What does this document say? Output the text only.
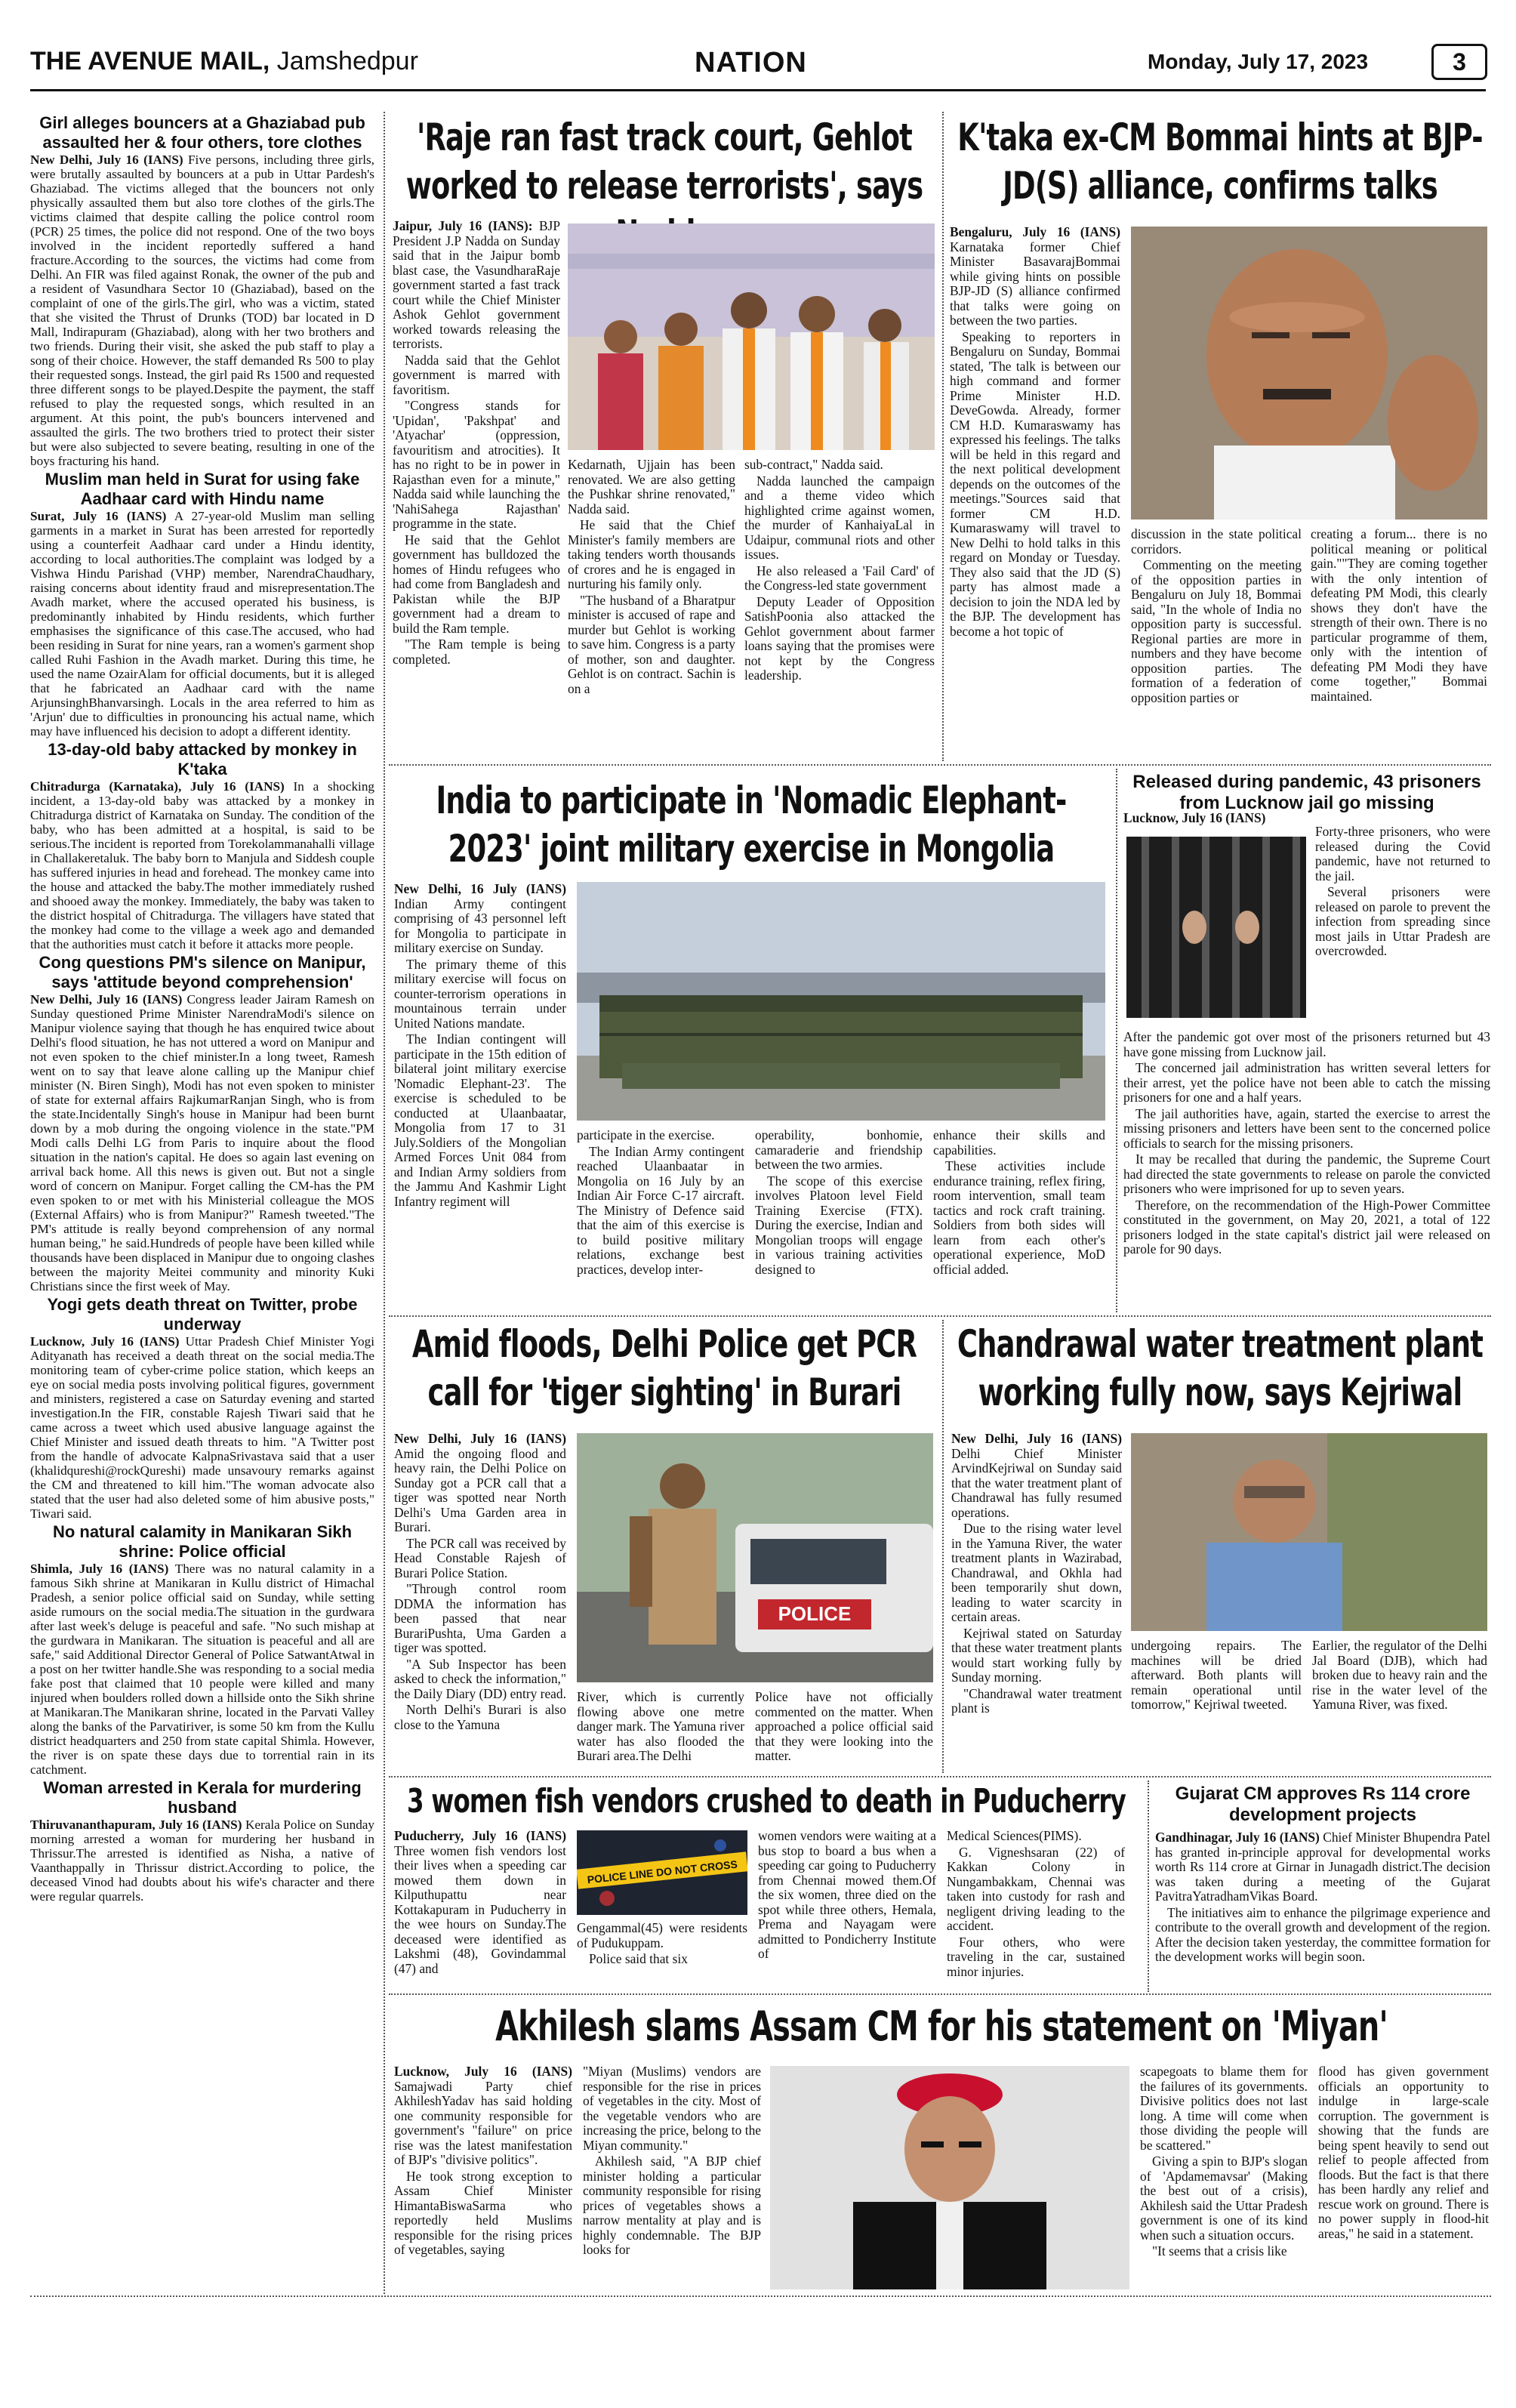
THE AVENUE MAIL, Jamshedpur	NATION	Monday, July 17, 2023	3
Girl alleges bouncers at a Ghaziabad pub assaulted her & four others, tore clothes

New Delhi, July 16 (IANS) Five persons, including three girls, were brutally assaulted by bouncers at a pub in Uttar Pardesh's Ghaziabad. The victims alleged that the bouncers not only physically assaulted them but also tore clothes of the girls.The victims claimed that despite calling the police control room (PCR) 25 times, the police did not respond. One of the two boys involved in the incident reportedly suffered a hand fracture.According to the sources, the victims had come from Delhi. An FIR was filed against Ronak, the owner of the pub and a resident of Vasundhara Sector 10 (Ghaziabad), based on the complaint of one of the girls.The girl, who was a victim, stated that she visited the Thrust of Drunks (TOD) bar located in D Mall, Indirapuram (Ghaziabad), along with her two brothers and two friends. During their visit, she asked the pub staff to play a song of their choice. However, the staff demanded Rs 500 to play their requested songs. Instead, the girl paid Rs 1500 and requested three different songs to be played.Despite the payment, the staff refused to play the requested songs, which resulted in an argument. At this point, the pub's bouncers intervened and assaulted the girls. The two brothers tried to protect their sister but were also subjected to severe beating, resulting in one of the boys fracturing his hand.

Muslim man held in Surat for using fake Aadhaar card with Hindu name

Surat, July 16 (IANS) A 27-year-old Muslim man selling garments in a market in Surat has been arrested for reportedly using a counterfeit Aadhaar card under a Hindu identity, according to local authorities.The complaint was lodged by a Vishwa Hindu Parishad (VHP) member, NarendraChaudhary, raising concerns about identity fraud and misrepresentation.The Avadh market, where the accused operated his business, is predominantly inhabited by Hindu residents, which further emphasises the significance of this case.The accused, who had been residing in Surat for nine years, ran a women's garment shop called Ruhi Fashion in the Avadh market. During this time, he used the name OzairAlam for official documents, but it is alleged that he fabricated an Aadhaar card with the name ArjunsinghBhanvarsingh. Locals in the area referred to him as 'Arjun' due to difficulties in pronouncing his actual name, which may have influenced his decision to adopt a different identity.

13-day-old baby attacked by monkey in K'taka

Chitradurga (Karnataka), July 16 (IANS) In a shocking incident, a 13-day-old baby was attacked by a monkey in Chitradurga district of Karnataka on Sunday. The condition of the baby, who has been admitted at a hospital, is said to be serious.The incident is reported from Torekolammanahalli village in Challakeretaluk. The baby born to Manjula and Siddesh couple has suffered injuries in head and forehead. The monkey came into the house and attacked the baby.The mother immediately rushed and shooed away the monkey. Immediately, the baby was taken to the district hospital of Chitradurga. The villagers have stated that the monkey had come to the village a week ago and demanded that the authorities must catch it before it attacks more people.

Cong questions PM's silence on Manipur, says 'attitude beyond comprehension'

New Delhi, July 16 (IANS) Congress leader Jairam Ramesh on Sunday questioned Prime Minister NarendraModi's silence on Manipur violence saying that though he has enquired twice about Delhi's flood situation, he has not uttered a word on Manipur and not even spoken to the chief minister.In a long tweet, Ramesh went on to say that leave alone calling up the Manipur chief minister (N. Biren Singh), Modi has not even spoken to minister of state for external affairs RajkumarRanjan Singh, who is from the state.Incidentally Singh's house in Manipur had been burnt down by a mob during the ongoing violence in the state."PM Modi calls Delhi LG from Paris to inquire about the flood situation in the nation's capital. He does so again last evening on arrival back home. All this news is given out. But not a single word of concern on Manipur. Forget calling the CM-has the PM even spoken to or met with his Ministerial colleague the MOS (External Affairs) who is from Manipur?" Ramesh tweeted."The PM's attitude is really beyond comprehension of any normal human being," he said.Hundreds of people have been killed while thousands have been displaced in Manipur due to ongoing clashes between the majority Meitei community and minority Kuki Christians since the first week of May.

Yogi gets death threat on Twitter, probe underway

Lucknow, July 16 (IANS) Uttar Pradesh Chief Minister Yogi Adityanath has received a death threat on the social media.The monitoring team of cyber-crime police station, which keeps an eye on social media posts involving political figures, government and ministers, registered a case on Saturday evening and started investigation.In the FIR, constable Rajesh Tiwari said that he came across a tweet which used abusive language against the Chief Minister and issued death threats to him. "A Twitter post from the handle of advocate KalpnaSrivastava said that a user (khalidqureshi@rockQureshi) made unsavoury remarks against the CM and threatened to kill him."The woman advocate also stated that the user had also deleted some of him abusive posts," Tiwari said.

No natural calamity in Manikaran Sikh shrine: Police official

Shimla, July 16 (IANS) There was no natural calamity in a famous Sikh shrine at Manikaran in Kullu district of Himachal Pradesh, a senior police official said on Sunday, while setting aside rumours on the social media.The situation in the gurdwara after last week's deluge is peaceful and safe. "No such mishap at the gurdwara in Manikaran. The situation is peaceful and all are safe," said Additional Director General of Police SatwantAtwal in a post on her twitter handle.She was responding to a social media fake post that claimed that 10 people were killed and many injured when boulders rolled down a hillside onto the Sikh shrine at Manikaran.The Manikaran shrine, located in the Parvati Valley along the banks of the Parvatiriver, is some 50 km from the Kullu district headquarters and 250 from state capital Shimla. However, the river is on spate these days due to torrential rain in its catchment.

Woman arrested in Kerala for murdering husband

Thiruvananthapuram, July 16 (IANS) Kerala Police on Sunday morning arrested a woman for murdering her husband in Thrissur.The arrested is identified as Nisha, a native of Vaanthappally in Thrissur district.According to police, the deceased Vinod had doubts about his wife's character and there were regular quarrels.

'Raje ran fast track court, Gehlot worked to release terrorists', says

Jaipur, July 16 (IANS): BJP President J.P Nadda on Sunday said that in the Jaipur bomb blast case, the VasundharaRaje government started a fast track court while the Chief Minister Ashok Gehlot government worked towards releasing the terrorists.

Nadda said that the Gehlot government is marred with favoritism.

"Congress stands for 'Upidan', 'Pakshpat' and 'Atyachar' (oppression, favouritism and atrocities). It has no right to be in power in Rajasthan even for a minute," Nadda said while launching the 'NahiSahega Rajasthan' programme in the state.

He said that the Gehlot government has bulldozed the homes of Hindu refugees who had come from Bangladesh and Pakistan while the BJP government had a dream to build the Ram temple.

"The Ram temple is being completed.

Kedarnath, Ujjain has been renovated. We are also getting the Pushkar shrine renovated," Nadda said.

He said that the Chief Minister's family members are taking tenders worth thousands of crores and he is engaged in nurturing his family only.

"The husband of a Bharatpur minister is accused of rape and murder but Gehlot is working to save him. Congress is a party of mother, son and daughter. Gehlot is on contract. Sachin is on a

sub-contract," Nadda said.

Nadda launched the campaign and a theme video which highlighted crime against women, the murder of KanhaiyaLal in Udaipur, communal riots and other issues.

He also released a 'Fail Card' of the Congress-led state government

Deputy Leader of Opposition SatishPoonia also attacked the Gehlot government about farmer loans saying that the promises were not kept by the Congress leadership.

K'taka ex-CM Bommai hints at BJP-JD(S) alliance, confirms talks

Bengaluru, July 16 (IANS) Karnataka former Chief Minister BasavarajBommai while giving hints on possible BJP-JD (S) alliance confirmed that talks were going on between the two parties.

Speaking to reporters in Bengaluru on Sunday, Bommai stated, 'The talk is between our high command and former Prime Minister H.D. DeveGowda. Already, former CM H.D. Kumaraswamy has expressed his feelings. The talks will be held in this regard and the next political development depends on the outcomes of the meetings."Sources said that former CM H.D. Kumaraswamy will travel to New Delhi to hold talks in this regard on Monday or Tuesday. They also said that the JD (S) party has almost made a decision to join the NDA led by the BJP. The development has become a hot topic of

discussion in the state political corridors.

Commenting on the meeting of the opposition parties in Bengaluru on July 18, Bommai said, "In the whole of India no opposition party is successful. Regional parties are more in numbers and they have become opposition parties. The formation of a federation of opposition parties or

creating a forum... there is no political meaning or political gain.""They are coming together with the only intention of defeating PM Modi, this clearly shows they don't have the strength of their own. There is no particular programme of them, only with the intention of defeating PM Modi they have come together," Bommai maintained.

India to participate in 'Nomadic Elephant-2023' joint military exercise in Mongolia

New Delhi, 16 July (IANS) Indian Army contingent comprising of 43 personnel left for Mongolia to participate in military exercise on Sunday.

The primary theme of this military exercise will focus on counter-terrorism operations in mountainous terrain under United Nations mandate.

The Indian contingent will participate in the 15th edition of bilateral joint military exercise 'Nomadic Elephant-23'. The exercise is scheduled to be conducted at Ulaanbaatar, Mongolia from 17 to 31 July.Soldiers of the Mongolian Armed Forces Unit 084 from and Indian Army soldiers from the Jammu And Kashmir Light Infantry regiment will

participate in the exercise.

The Indian Army contingent reached Ulaanbaatar in Mongolia on 16 July by an Indian Air Force C-17 aircraft. The Ministry of Defence said that the aim of this exercise is to build positive military relations, exchange best practices, develop inter-

operability, bonhomie, camaraderie and friendship between the two armies.

The scope of this exercise involves Platoon level Field Training Exercise (FTX). During the exercise, Indian and Mongolian troops will engage in various training activities designed to

enhance their skills and capabilities.

These activities include endurance training, reflex firing, room intervention, small team tactics and rock craft training. Soldiers from both sides will learn from each other's operational experience, MoD official added.

Released during pandemic, 43 prisoners from Lucknow jail go missing

Lucknow, July 16 (IANS)

Forty-three prisoners, who were released during the Covid pandemic, have not returned to the jail.

Several prisoners were released on parole to prevent the infection from spreading since most jails in Uttar Pradesh are overcrowded.

After the pandemic got over most of the prisoners returned but 43 have gone missing from Lucknow jail.

The concerned jail administration has written several letters for their arrest, yet the police have not been able to catch the missing prisoners for one and a half years.

The jail authorities have, again, started the exercise to arrest the missing prisoners and letters have been sent to the concerned police officials to search for the missing prisoners.

It may be recalled that during the pandemic, the Supreme Court had directed the state governments to release on parole the convicted prisoners who were imprisoned for up to seven years.

Therefore, on the recommendation of the High-Power Committee constituted in the government, on May 20, 2021, a total of 122 prisoners lodged in the state capital's district jail were released on parole for 90 days.

Amid floods, Delhi Police get PCR call for 'tiger sighting' in Burari

New Delhi, July 16 (IANS) Amid the ongoing flood and heavy rain, the Delhi Police on Sunday got a PCR call that a tiger was spotted near North Delhi's Uma Garden area in Burari.

The PCR call was received by Head Constable Rajesh of Burari Police Station.

"Through control room DDMA the information has been passed that near BurariPushta, Uma Garden a tiger was spotted.

"A Sub Inspector has been asked to check the information," the Daily Diary (DD) entry read.

North Delhi's Burari is also close to the Yamuna

POLICE

River, which is currently flowing above one metre danger mark. The Yamuna river water has also flooded the Burari area.The Delhi

Police have not officially commented on the matter. When approached a police official said that they were looking into the matter.

Chandrawal water treatment plant working fully now, says Kejriwal

New Delhi, July 16 (IANS) Delhi Chief Minister ArvindKejriwal on Sunday said that the water treatment plant of Chandrawal has fully resumed operations.

Due to the rising water level in the Yamuna River, the water treatment plants in Wazirabad, Chandrawal, and Okhla had been temporarily shut down, leading to water scarcity in certain areas.

Kejriwal stated on Saturday that these water treatment plants would start working fully by Sunday morning.

"Chandrawal water treatment plant is

undergoing repairs. The machines will be dried afterward. Both plants will remain operational until tomorrow," Kejriwal tweeted.

Earlier, the regulator of the Delhi Jal Board (DJB), which had broken due to heavy rain and the rise in the water level of the Yamuna River, was fixed.

3 women fish vendors crushed to death in Puducherry

Puducherry, July 16 (IANS) Three women fish vendors lost their lives when a speeding car mowed them down in Kilputhupattu near Kottakapuram in Puducherry in the wee hours on Sunday.The deceased were identified as Lakshmi (48), Govindammal (47) and

POLICE LINE DO NOT CROSS

Gengammal(45) were residents of Pudukuppam.

Police said that six

women vendors were waiting at a bus stop to board a bus when a speeding car going to Puducherry from Chennai mowed them.Of the six women, three died on the spot while three others, Hemala, Prema and Nayagam were admitted to Pondicherry Institute of

Medical Sciences(PIMS).

G. Vigneshsaran (22) of Kakkan Colony in Nungambakkam, Chennai was taken into custody for rash and negligent driving leading to the accident.

Four others, who were traveling in the car, sustained minor injuries.

Gujarat CM approves Rs 114 crore development projects

Gandhinagar, July 16 (IANS) Chief Minister Bhupendra Patel has granted in-principle approval for developmental works worth Rs 114 crore at Girnar in Junagadh district.The decision was taken during a meeting of the Gujarat PavitraYatradhamVikas Board.

The initiatives aim to enhance the pilgrimage experience and contribute to the overall growth and development of the region. After the decision taken yesterday, the committee formation for the development works will begin soon.

Akhilesh slams Assam CM for his statement on 'Miyan'

Lucknow, July 16 (IANS) Samajwadi Party chief AkhileshYadav has said holding one community responsible for government's "failure" on price rise was the latest manifestation of BJP's "divisive politics".

He took strong exception to Assam Chief Minister HimantaBiswaSarma who reportedly held Muslims responsible for the rising prices of vegetables, saying

"Miyan (Muslims) vendors are responsible for the rise in prices of vegetables in the city. Most of the vegetable vendors who are increasing the price, belong to the Miyan community."

Akhilesh said, "A BJP chief minister holding a particular community responsible for rising prices of vegetables shows a narrow mentality at play and is highly condemnable. The BJP looks for

scapegoats to blame them for the failures of its governments. Divisive politics does not last long. A time will come when those dividing the people will be scattered."

Giving a spin to BJP's slogan of 'Apdamemavsar' (Making the best out of a crisis), Akhilesh said the Uttar Pradesh government is one of its kind when such a situation occurs.

"It seems that a crisis like

flood has given government officials an opportunity to indulge in large-scale corruption. The government is showing that the funds are being spent heavily to send out relief to people affected from floods. But the fact is that there has been hardly any relief and rescue work on ground. There is no power supply in flood-hit areas," he said in a statement.
